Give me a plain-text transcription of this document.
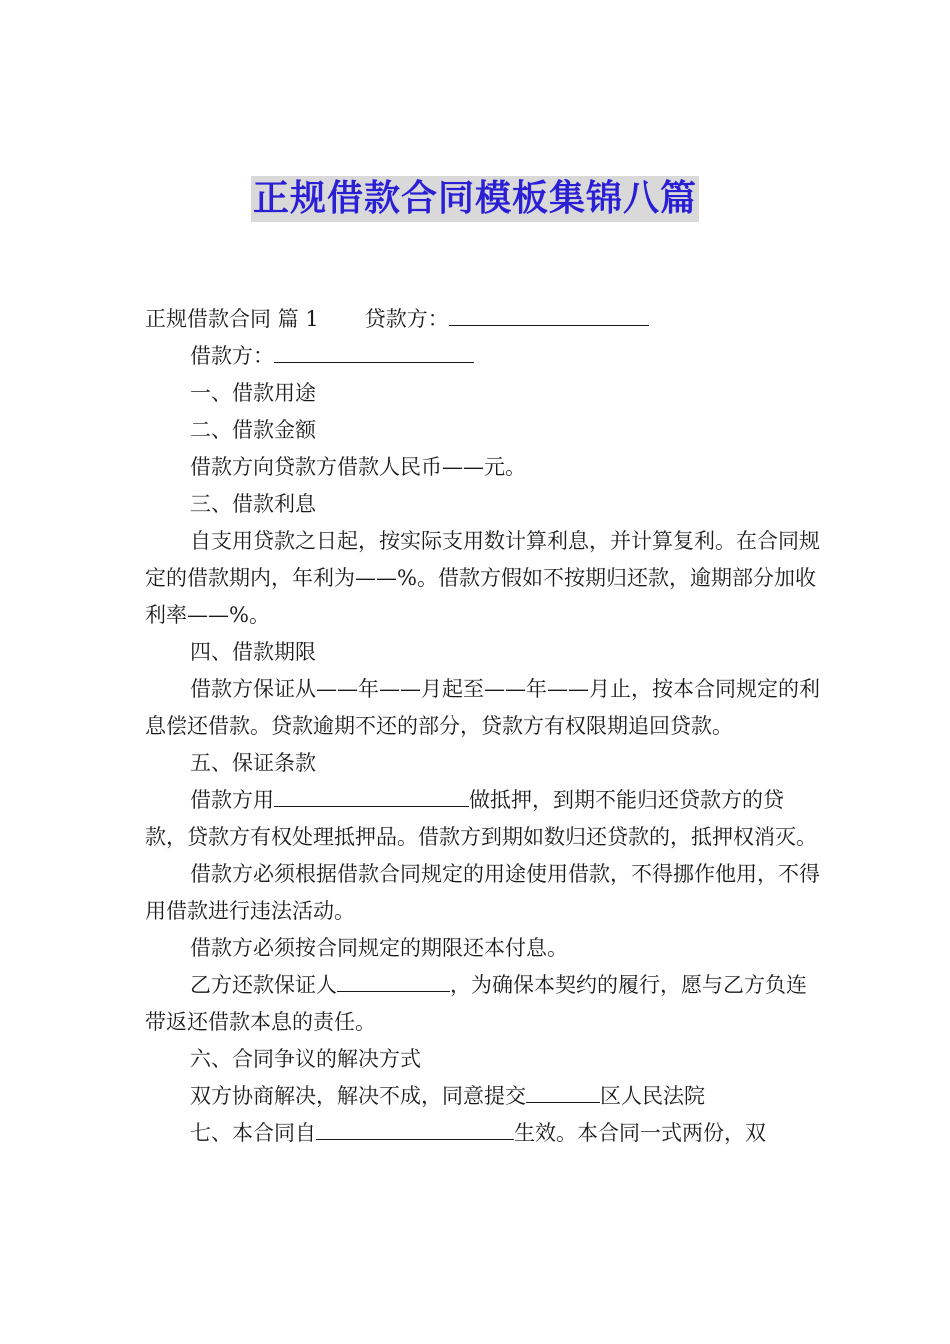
正规借款合同模板集锦八篇

正规借款合同 篇 1 贷款方：

借款方：

一、借款用途

二、借款金额

借款方向贷款方借款人民币——元。

三、借款利息

自支用贷款之日起，按实际支用数计算利息，并计算复利。在合同规定的借款期内，年利为——%。借款方假如不按期归还款，逾期部分加收利率——%。

四、借款期限

借款方保证从——年——月起至——年——月止，按本合同规定的利息偿还借款。贷款逾期不还的部分，贷款方有权限期追回贷款。

五、保证条款

借款方用	做抵押，到期不能归还贷款方的贷款，贷款方有权处理抵押品。借款方到期如数归还贷款的，抵押权消灭。

借款方必须根据借款合同规定的用途使用借款，不得挪作他用，不得用借款进行违法活动。

借款方必须按合同规定的期限还本付息。

乙方还款保证人	，为确保本契约的履行，愿与乙方负连带返还借款本息的责任。

六、合同争议的解决方式

双方协商解决，解决不成，同意提交	区人民法院

七、本合同自	生效。本合同一式两份，双
